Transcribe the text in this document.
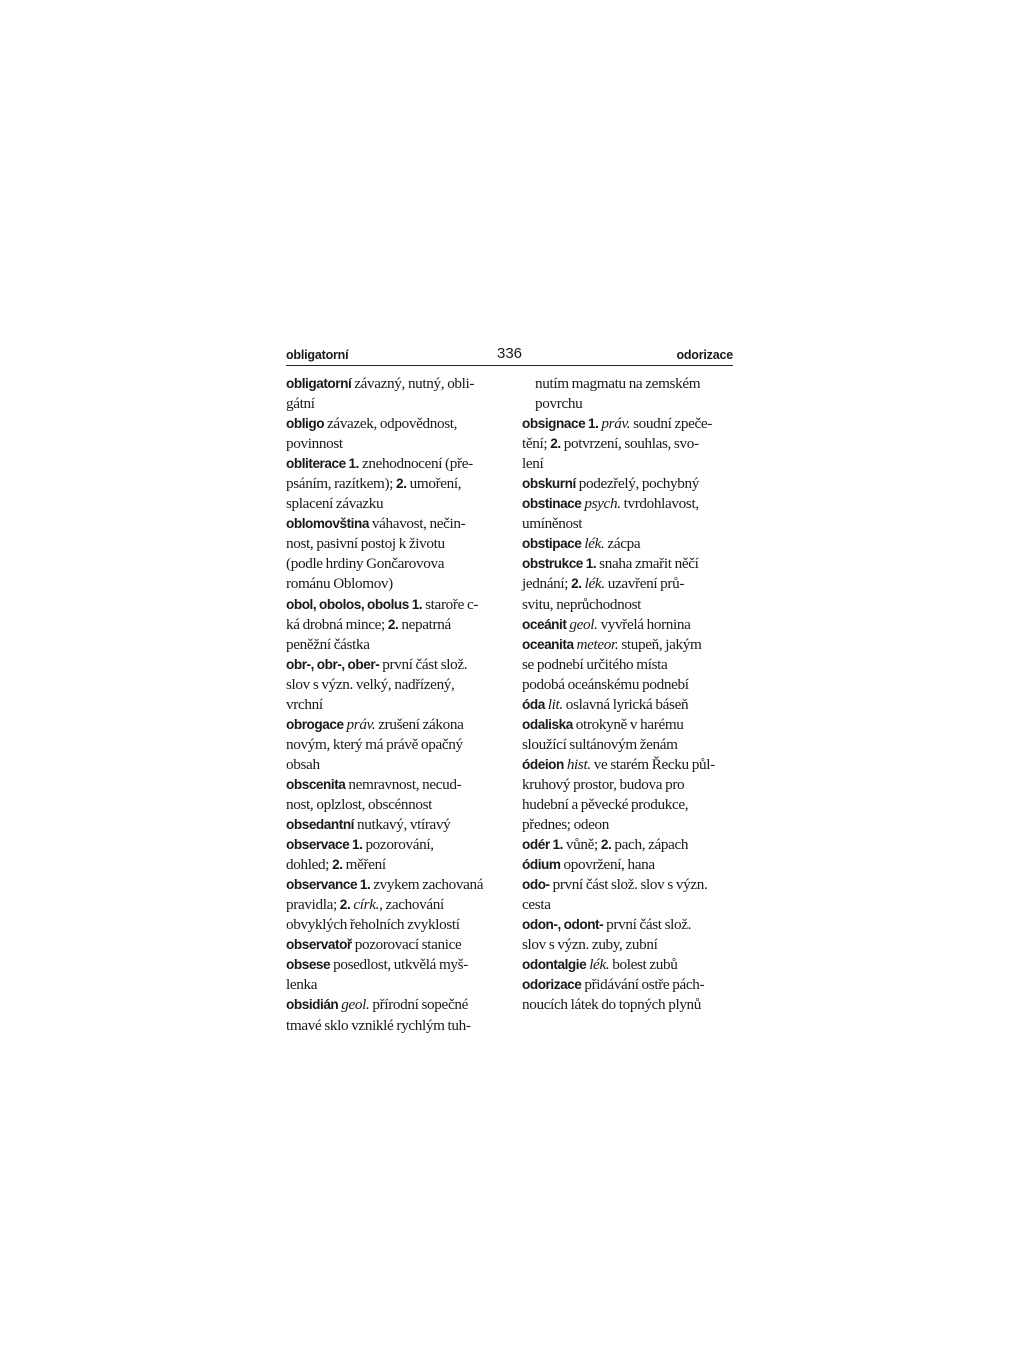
obligatorní	336	odorizace
obligatorní závazný, nutný, obli-
gátní
obligo závazek, odpovědnost,
povinnost
obliterace 1. znehodnocení (pře-
psáním, razítkem); 2. umoření,
splacení závazku
oblomovština váhavost, nečin-
nost, pasivní postoj k životu
(podle hrdiny Gončarovova
románu Oblomov)
obol, obolos, obolus 1. staroře c-
ká drobná mince; 2. nepatrná
peněžní částka
obr-, obr-, ober- první část slož.
slov s význ. velký, nadřízený,
vrchní
obrogace práv. zrušení zákona
novým, který má právě opačný
obsah
obscenita nemravnost, necud-
nost, oplzlost, obscénnost
obsedantní nutkavý, vtíravý
observace 1. pozorování,
dohled; 2. měření
observance 1. zvykem zachovaná
pravidla; 2. círk., zachování
obvyklých řeholních zvyklostí
observatoř pozorovací stanice
obsese posedlost, utkvělá myš-
lenka
obsidián geol. přírodní sopečné
tmavé sklo vzniklé rychlým tuh-
nutím magmatu na zemském
povrchu
obsignace 1. práv. soudní zpeče-
tění; 2. potvrzení, souhlas, svo-
lení
obskurní podezřelý, pochybný
obstinace psych. tvrdohlavost,
umíněnost
obstipace lék. zácpa
obstrukce 1. snaha zmařit něčí
jednání; 2. lék. uzavření prů-
svitu, neprůchodnost
oceánit geol. vyvřelá hornina
oceanita meteor. stupeň, jakým
se podnebí určitého místa
podobá oceánskému podnebí
óda lit. oslavná lyrická báseň
odaliska otrokyně v harému
sloužící sultánovým ženám
ódeion hist. ve starém Řecku půl-
kruhový prostor, budova pro
hudební a pěvecké produkce,
přednes; odeon
odér 1. vůně; 2. pach, zápach
ódium opovržení, hana
odo- první část slož. slov s význ.
cesta
odon-, odont- první část slož.
slov s význ. zuby, zubní
odontalgie lék. bolest zubů
odorizace přidávání ostře pách-
noucích látek do topných plynů
